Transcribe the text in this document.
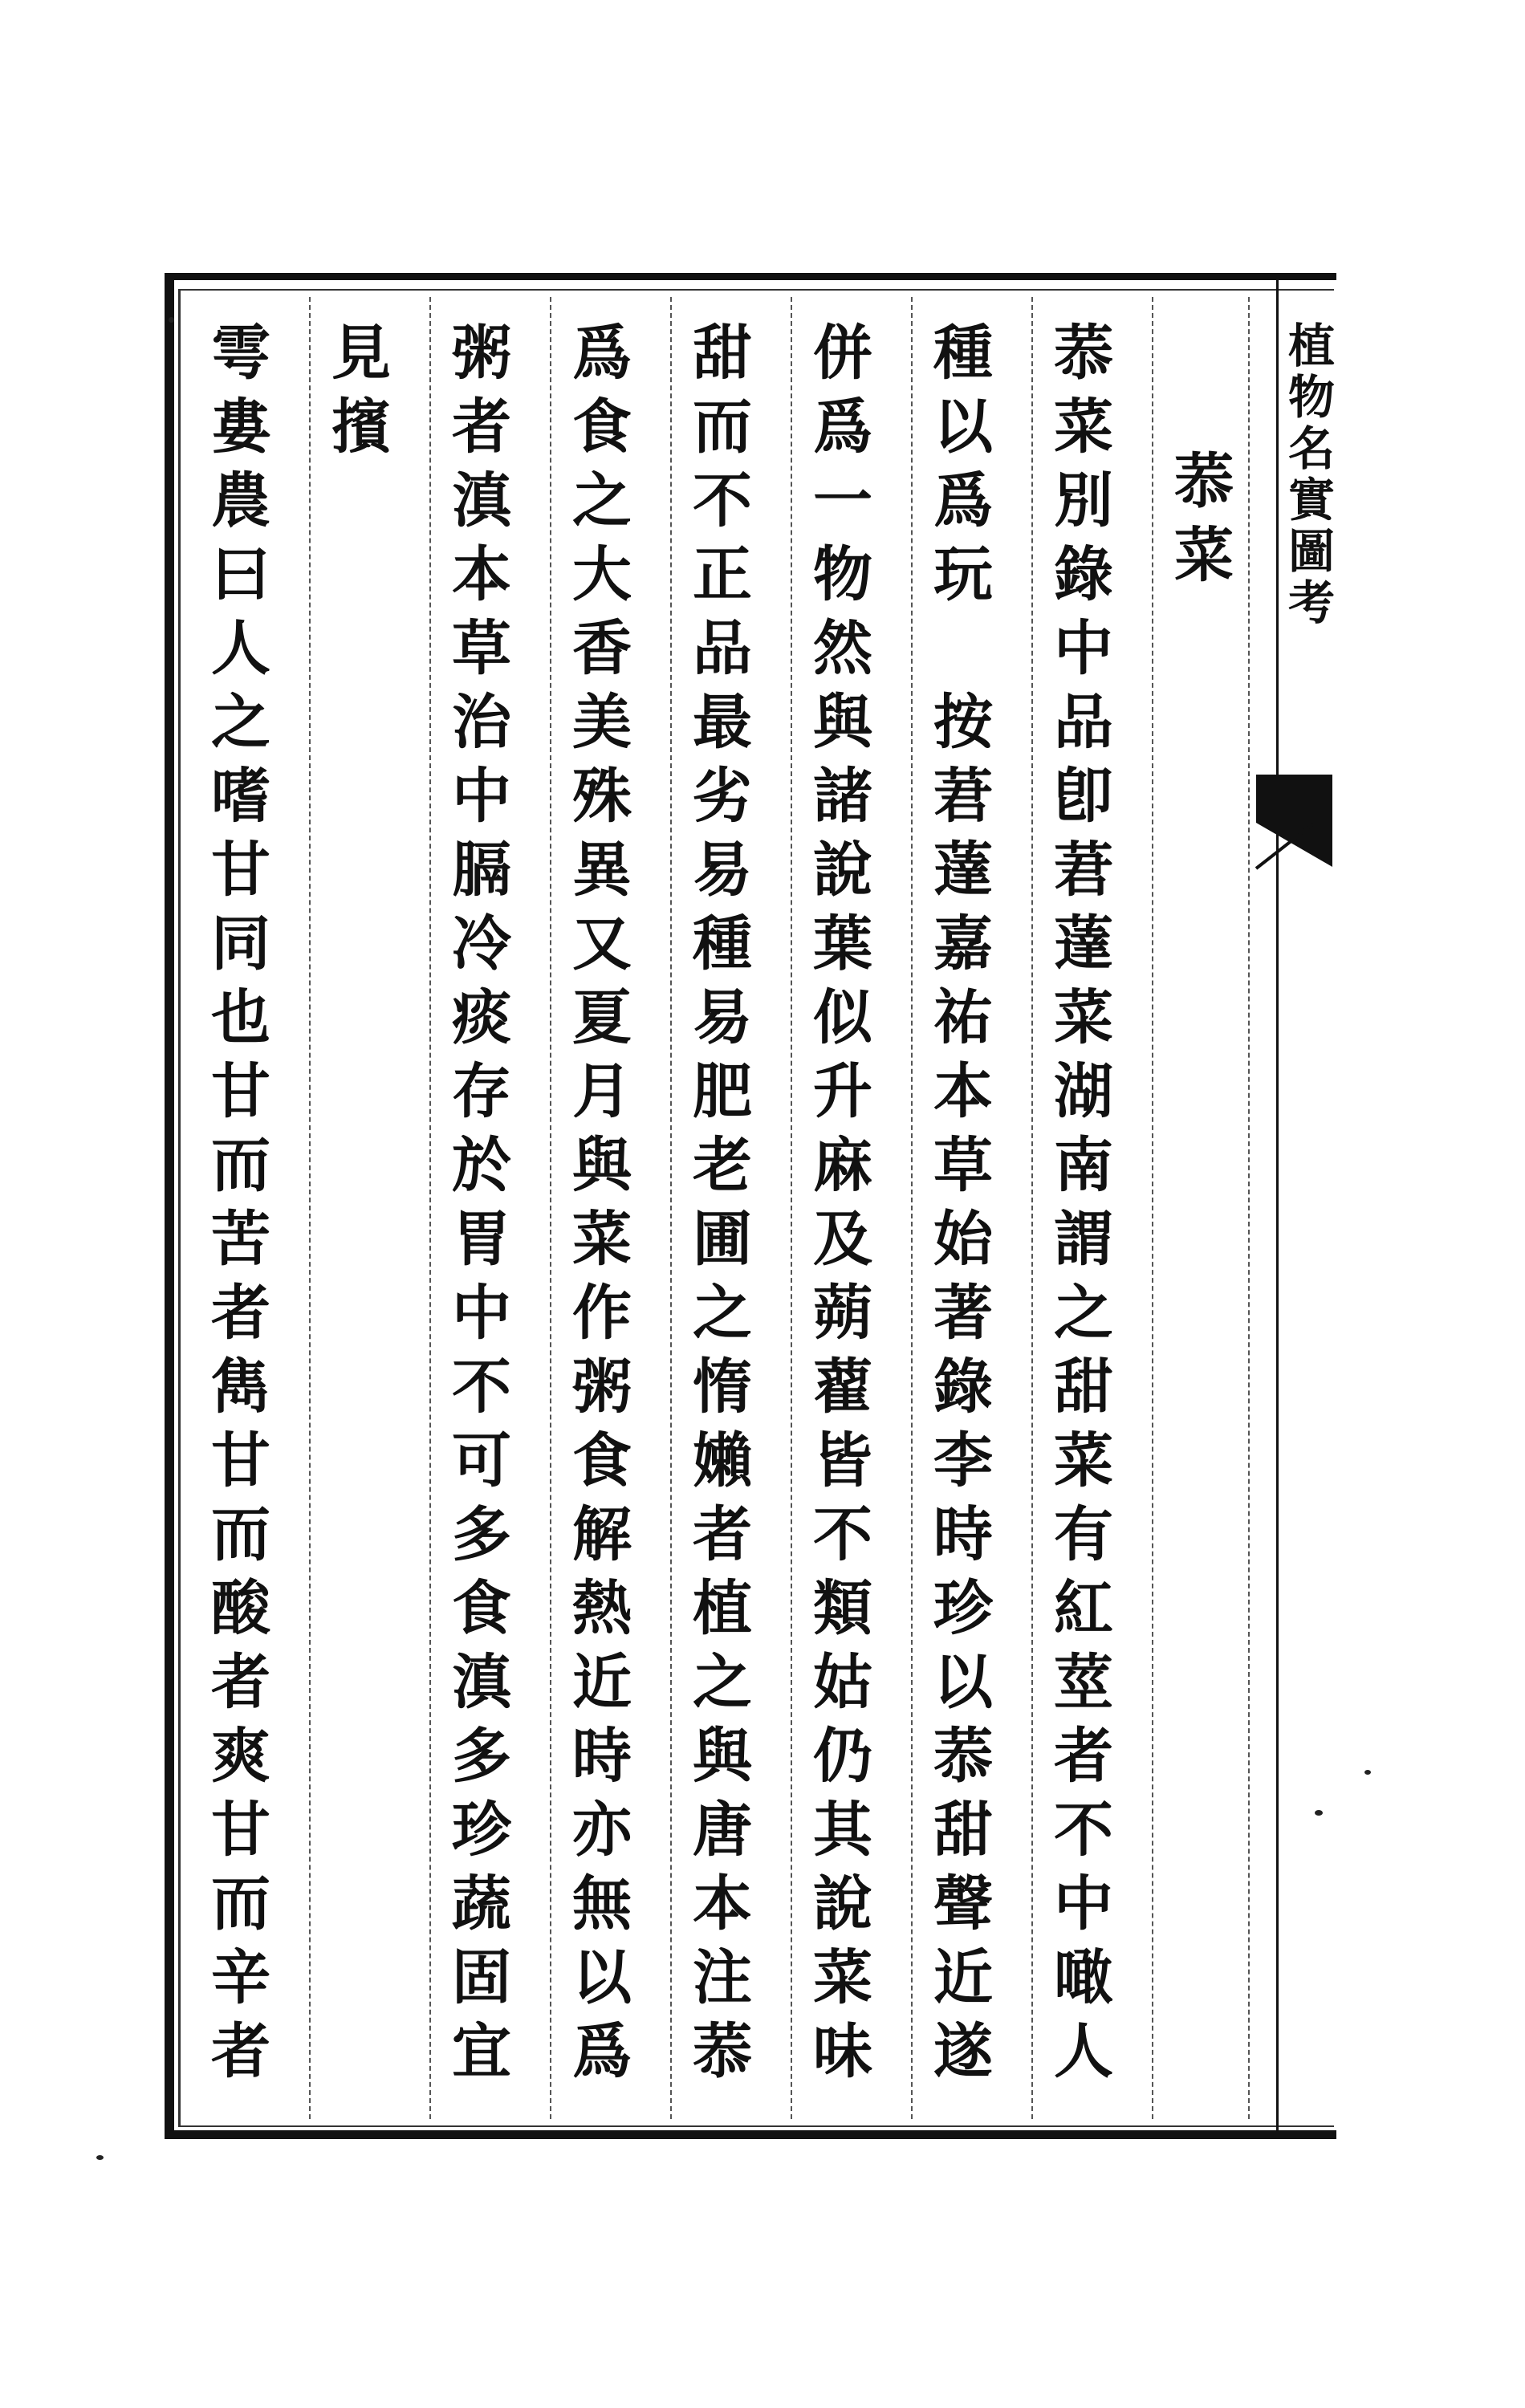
植物名實圖考
菾菜
菾菜別錄中品卽莙薘菜湖南謂之甜菜有紅莖者不中噉人
種以爲玩　按莙薘嘉祐本草始著錄李時珍以菾甜聲近遂
併爲一物然與諸說葉似升麻及蒴藋皆不類姑仍其說菜味
甜而不正品最劣易種易肥老圃之惰嬾者植之與唐本注菾
爲食之大香美殊異又夏月與菜作粥食解熱近時亦無以爲
粥者滇本草治中膈冷痰存於胃中不可多食滇多珍蔬固宜
見擯
雩婁農曰人之嗜甘同也甘而苦者雋甘而酸者爽甘而辛者
